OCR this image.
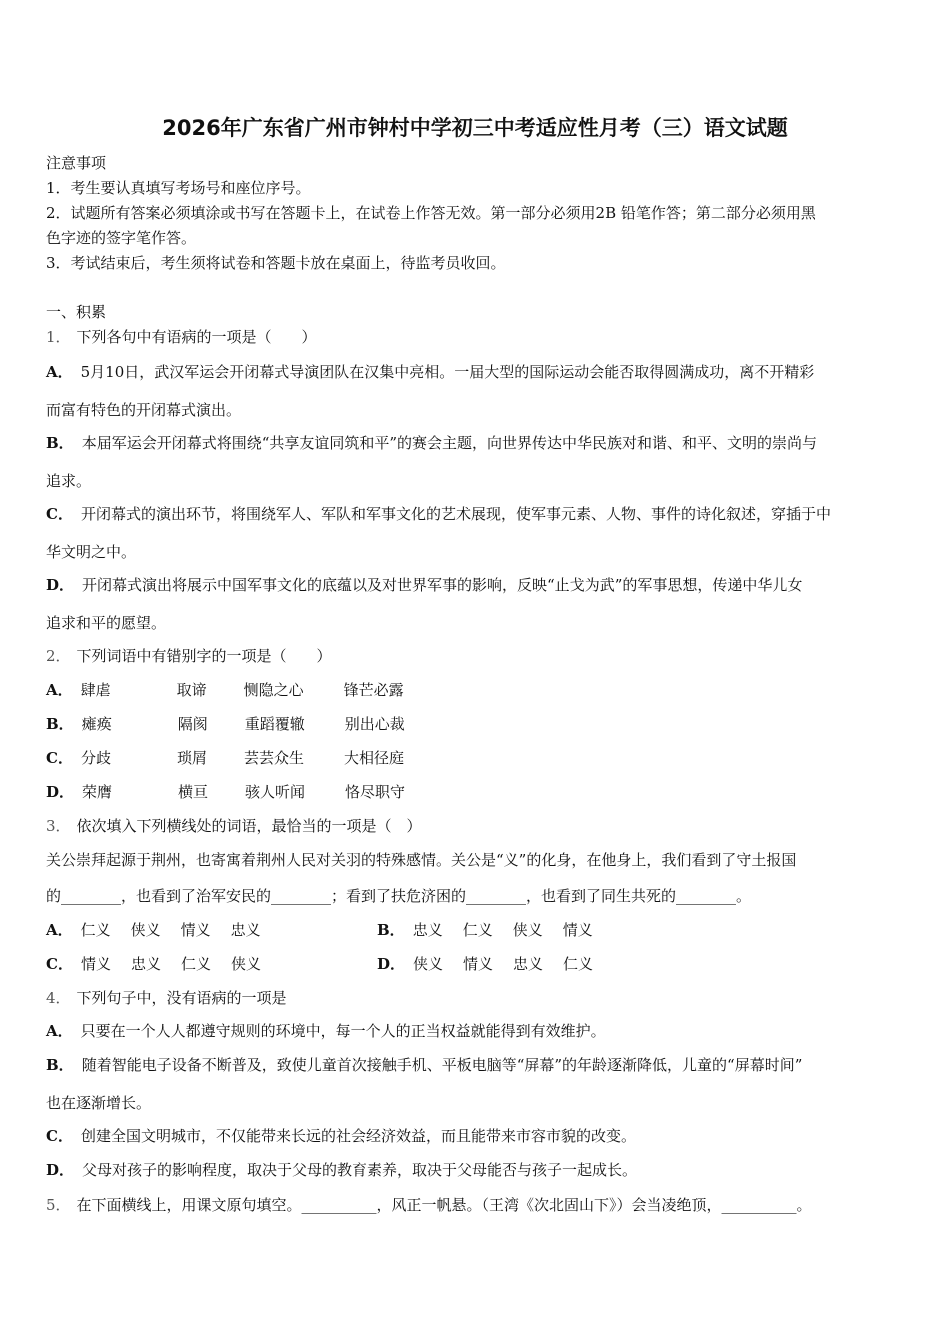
2026年广东省广州市钟村中学初三中考适应性月考（三）语文试题
注意事项
1．考生要认真填写考场号和座位序号。
2．试题所有答案必须填涂或书写在答题卡上，在试卷上作答无效。第一部分必须用2B 铅笔作答；第二部分必须用黑
色字迹的签字笔作答。
3．考试结束后，考生须将试卷和答题卡放在桌面上，待监考员收回。
一、积累
1． 下列各句中有语病的一项是（　　）
A． 5月10日，武汉军运会开闭幕式导演团队在汉集中亮相。一届大型的国际运动会能否取得圆满成功，离不开精彩
而富有特色的开闭幕式演出。
B． 本届军运会开闭幕式将围绕“共享友谊同筑和平”的赛会主题，向世界传达中华民族对和谐、和平、文明的崇尚与
追求。
C． 开闭幕式的演出环节，将围绕军人、军队和军事文化的艺术展现，使军事元素、人物、事件的诗化叙述，穿插于中
华文明之中。
D． 开闭幕式演出将展示中国军事文化的底蕴以及对世界军事的影响，反映“止戈为武”的军事思想，传递中华儿女
追求和平的愿望。
2． 下列词语中有错别字的一项是（　　）
A． 肆虐	取谛 恻隐之心	锋芒必露
B． 瘫痪	隔阂 重蹈覆辙	别出心裁
C． 分歧	琐屑 芸芸众生	大相径庭
D． 荣膺	横亘 骇人听闻	恪尽职守
3． 依次填入下列横线处的词语，最恰当的一项是（　）
关公崇拜起源于荆州，也寄寓着荆州人民对关羽的特殊感情。关公是“义”的化身，在他身上，我们看到了守土报国
的________，也看到了治军安民的________；看到了扶危济困的________，也看到了同生共死的________。
A． 仁义 侠义 情义 忠义	B． 忠义 仁义 侠义 情义
C． 情义 忠义 仁义 侠义	D． 侠义 情义 忠义 仁义
4． 下列句子中，没有语病的一项是
A． 只要在一个人人都遵守规则的环境中，每一个人的正当权益就能得到有效维护。
B． 随着智能电子设备不断普及，致使儿童首次接触手机、平板电脑等“屏幕”的年龄逐渐降低，儿童的“屏幕时间”
也在逐渐增长。
C． 创建全国文明城市，不仅能带来长远的社会经济效益，而且能带来市容市貌的改变。
D． 父母对孩子的影响程度，取决于父母的教育素养，取决于父母能否与孩子一起成长。
5． 在下面横线上，用课文原句填空。__________，风正一帆悬。（王湾《次北固山下》）会当凌绝顶，__________。
